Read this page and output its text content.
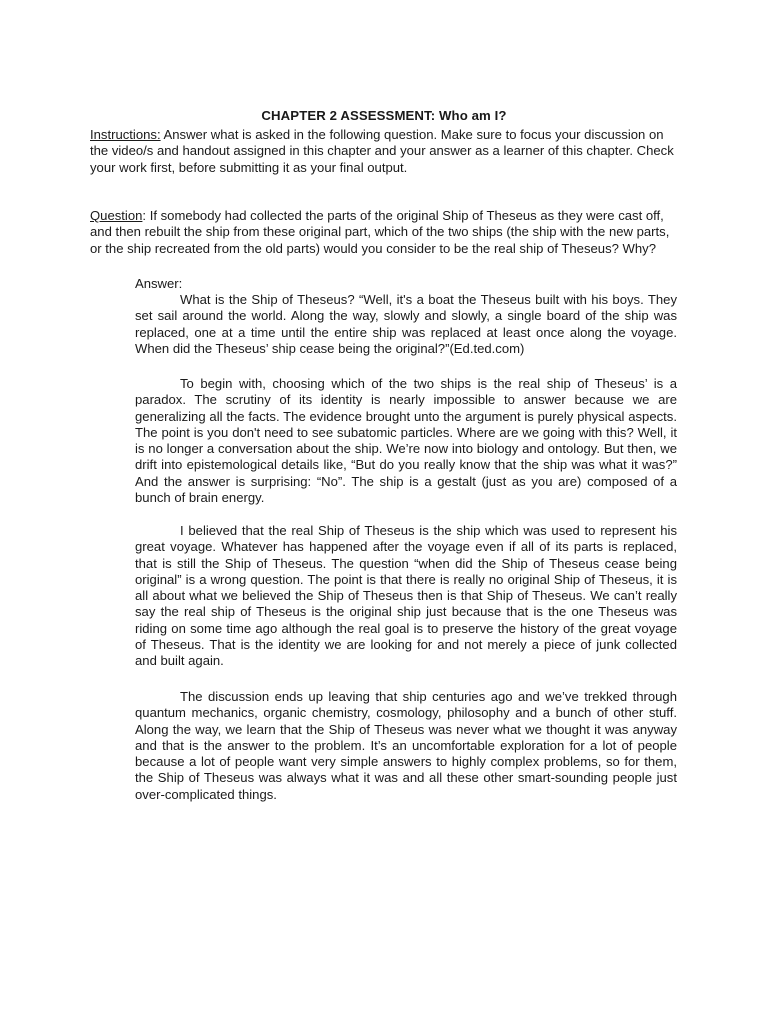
CHAPTER 2 ASSESSMENT: Who am I?
Instructions: Answer what is asked in the following question. Make sure to focus your discussion on the video/s and handout assigned in this chapter and your answer as a learner of this chapter. Check your work first, before submitting it as your final output.
Question: If somebody had collected the parts of the original Ship of Theseus as they were cast off, and then rebuilt the ship from these original part, which of the two ships (the ship with the new parts, or the ship recreated from the old parts) would you consider to be the real ship of Theseus? Why?
Answer:

What is the Ship of Theseus? “Well, it's a boat the Theseus built with his boys. They set sail around the world. Along the way, slowly and slowly, a single board of the ship was replaced, one at a time until the entire ship was replaced at least once along the voyage. When did the Theseus’ ship cease being the original?”(Ed.ted.com)

To begin with, choosing which of the two ships is the real ship of Theseus’ is a paradox. The scrutiny of its identity is nearly impossible to answer because we are generalizing all the facts. The evidence brought unto the argument is purely physical aspects. The point is you don't need to see subatomic particles. Where are we going with this? Well, it is no longer a conversation about the ship. We’re now into biology and ontology. But then, we drift into epistemological details like, “But do you really know that the ship was what it was?” And the answer is surprising: “No”. The ship is a gestalt (just as you are) composed of a bunch of brain energy.

I believed that the real Ship of Theseus is the ship which was used to represent his great voyage. Whatever has happened after the voyage even if all of its parts is replaced, that is still the Ship of Theseus. The question “when did the Ship of Theseus cease being original” is a wrong question. The point is that there is really no original Ship of Theseus, it is all about what we believed the Ship of Theseus then is that Ship of Theseus. We can’t really say the real ship of Theseus is the original ship just because that is the one Theseus was riding on some time ago although the real goal is to preserve the history of the great voyage of Theseus. That is the identity we are looking for and not merely a piece of junk collected and built again.

The discussion ends up leaving that ship centuries ago and we’ve trekked through quantum mechanics, organic chemistry, cosmology, philosophy and a bunch of other stuff. Along the way, we learn that the Ship of Theseus was never what we thought it was anyway and that is the answer to the problem. It’s an uncomfortable exploration for a lot of people because a lot of people want very simple answers to highly complex problems, so for them, the Ship of Theseus was always what it was and all these other smart-sounding people just over-complicated things.
